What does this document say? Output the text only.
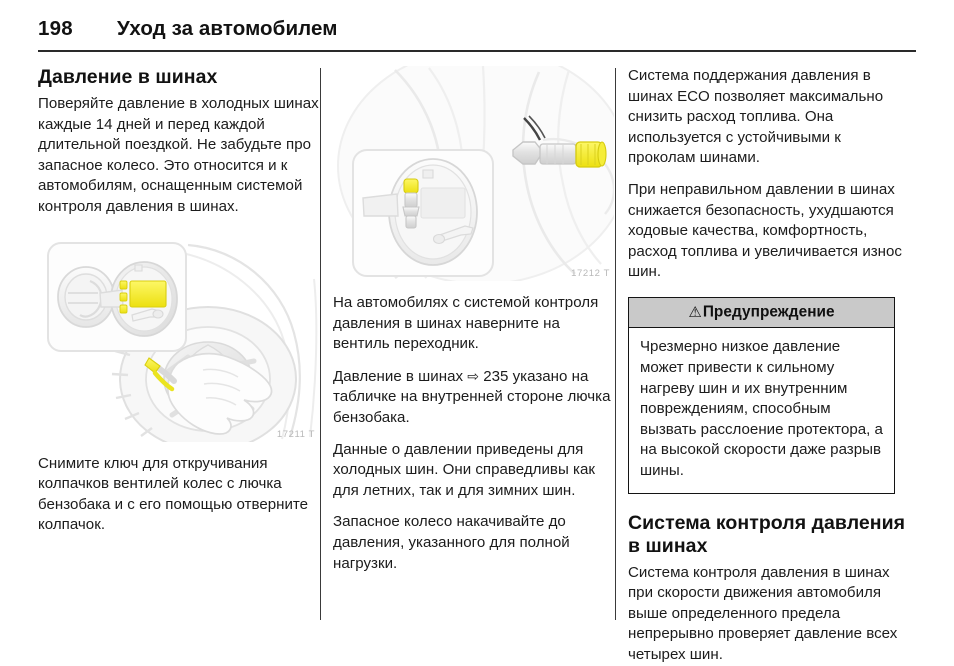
198 Уход за автомобилем
Давление в шинах

Поверяйте давление в холодных шинах каждые 14 дней и перед каждой длительной поездкой. Не забудьте про запасное колесо. Это относится и к автомобилям, оснащенным системой контроля давления в шинах.

17211 T

Снимите ключ для откручивания колпачков вентилей колес с лючка бензобака и с его помощью отверните колпачок.

17212 T

На автомобилях с системой контроля давления в шинах наверните на вентиль переходник.

Давление в шинах ⇨ 235 указано на табличке на внутренней стороне лючка бензобака.

Данные о давлении приведены для холодных шин. Они справедливы как для летних, так и для зимних шин.

Запасное колесо накачивайте до давления, указанного для полной нагрузки.

Система поддержания давления в шинах ECO позволяет максимально снизить расход топлива. Она используется с устойчивыми к проколам шинами.

При неправильном давлении в шинах снижается безопасность, ухудшаются ходовые качества, комфортность, расход топлива и увеличивается износ шин.

⚠Предупреждение

Чрезмерно низкое давление может привести к сильному нагреву шин и их внутренним повреждениям, способным вызвать расслоение протектора, а на высокой скорости даже разрыв шины.

Система контроля давления в шинах

Система контроля давления в шинах при скорости движения автомобиля выше определенного предела непрерывно проверяет давление всех четырех шин.
